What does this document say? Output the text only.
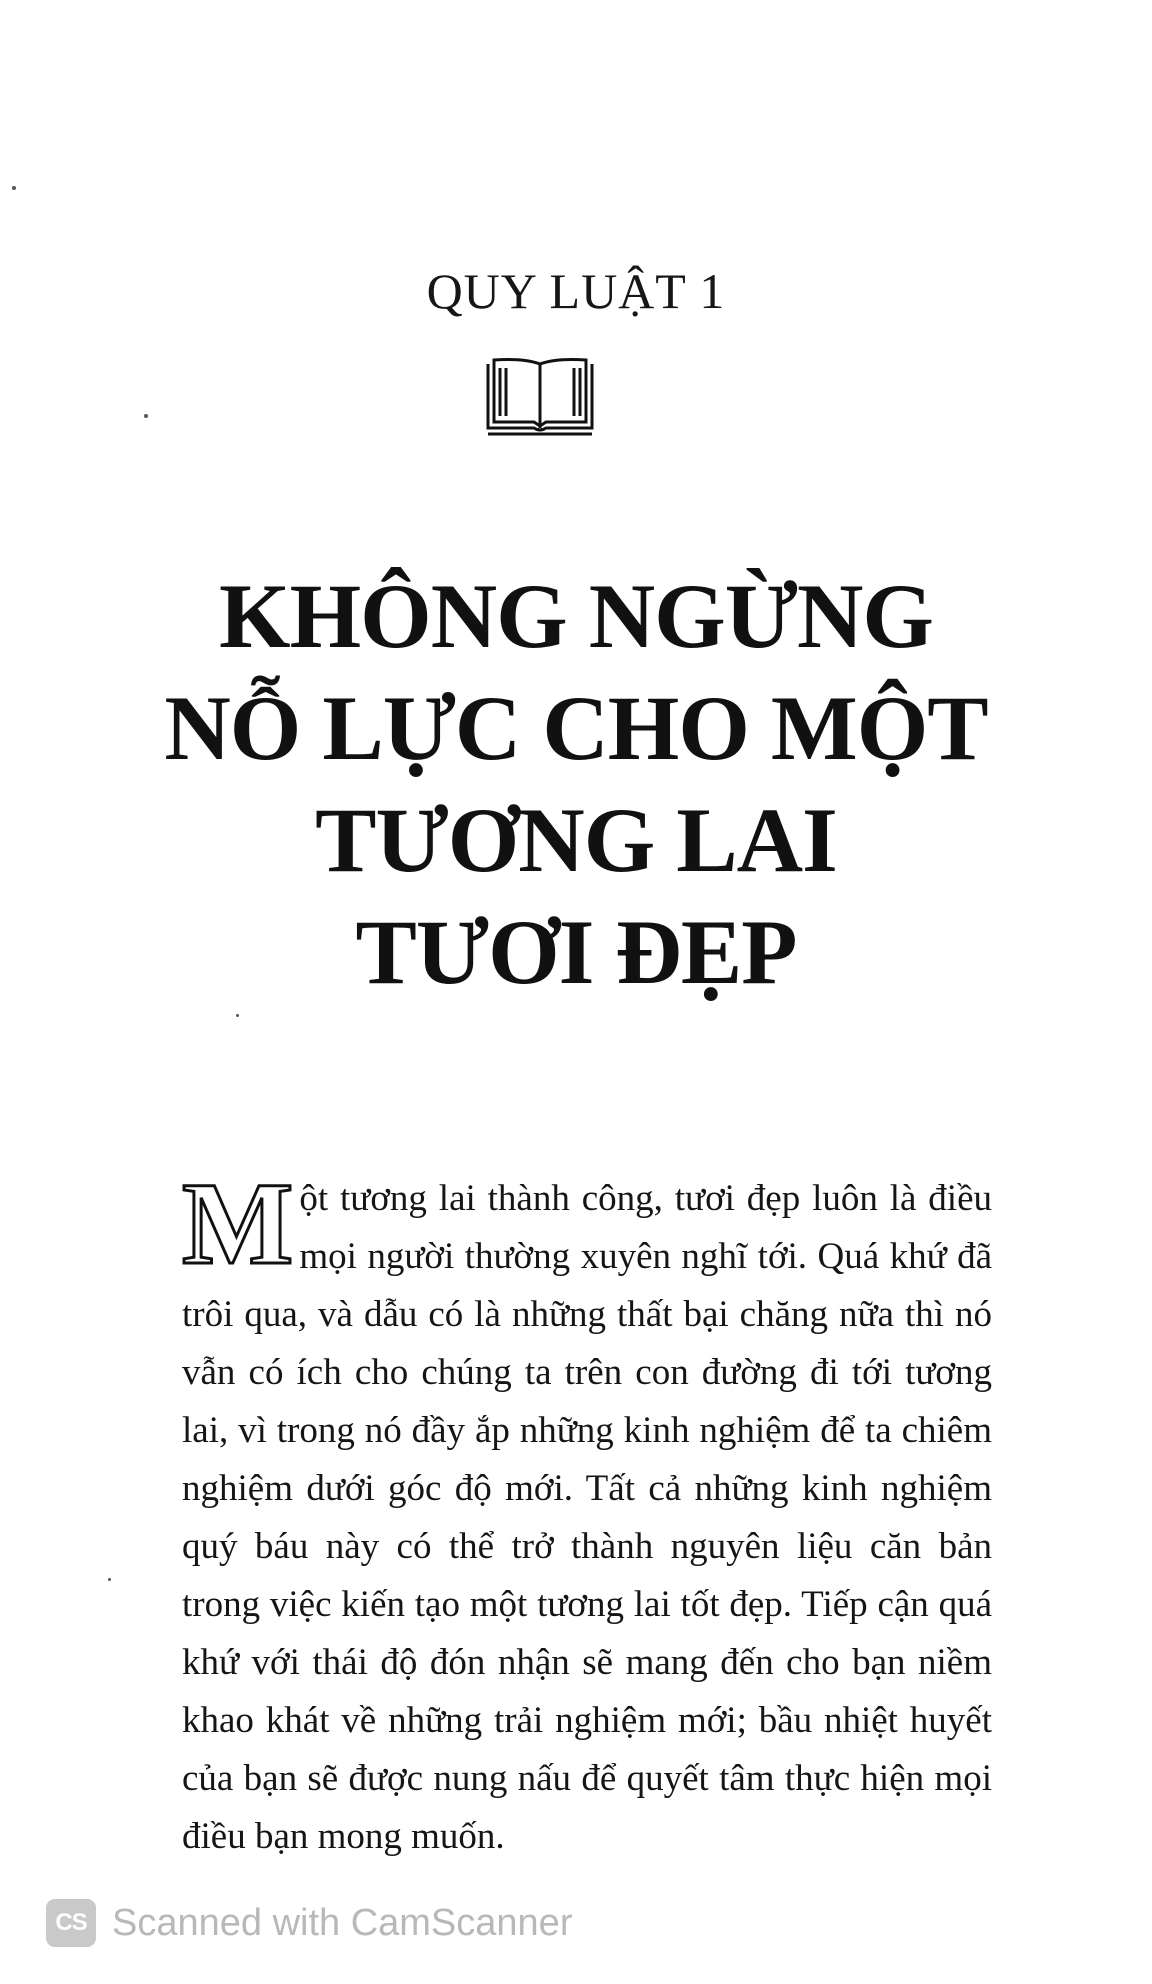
QUY LUẬT 1
KHÔNG NGỪNG
NỖ LỰC CHO MỘT
TƯƠNG LAI
TƯƠI ĐẸP
Một tương lai thành công, tươi đẹp luôn là điều mọi người thường xuyên nghĩ tới. Quá khứ đã trôi qua, và dẫu có là những thất bại chăng nữa thì nó vẫn có ích cho chúng ta trên con đường đi tới tương lai, vì trong nó đầy ắp những kinh nghiệm để ta chiêm nghiệm dưới góc độ mới. Tất cả những kinh nghiệm quý báu này có thể trở thành nguyên liệu căn bản trong việc kiến tạo một tương lai tốt đẹp. Tiếp cận quá khứ với thái độ đón nhận sẽ mang đến cho bạn niềm khao khát về những trải nghiệm mới; bầu nhiệt huyết của bạn sẽ được nung nấu để quyết tâm thực hiện mọi điều bạn mong muốn.
CS Scanned with CamScanner
